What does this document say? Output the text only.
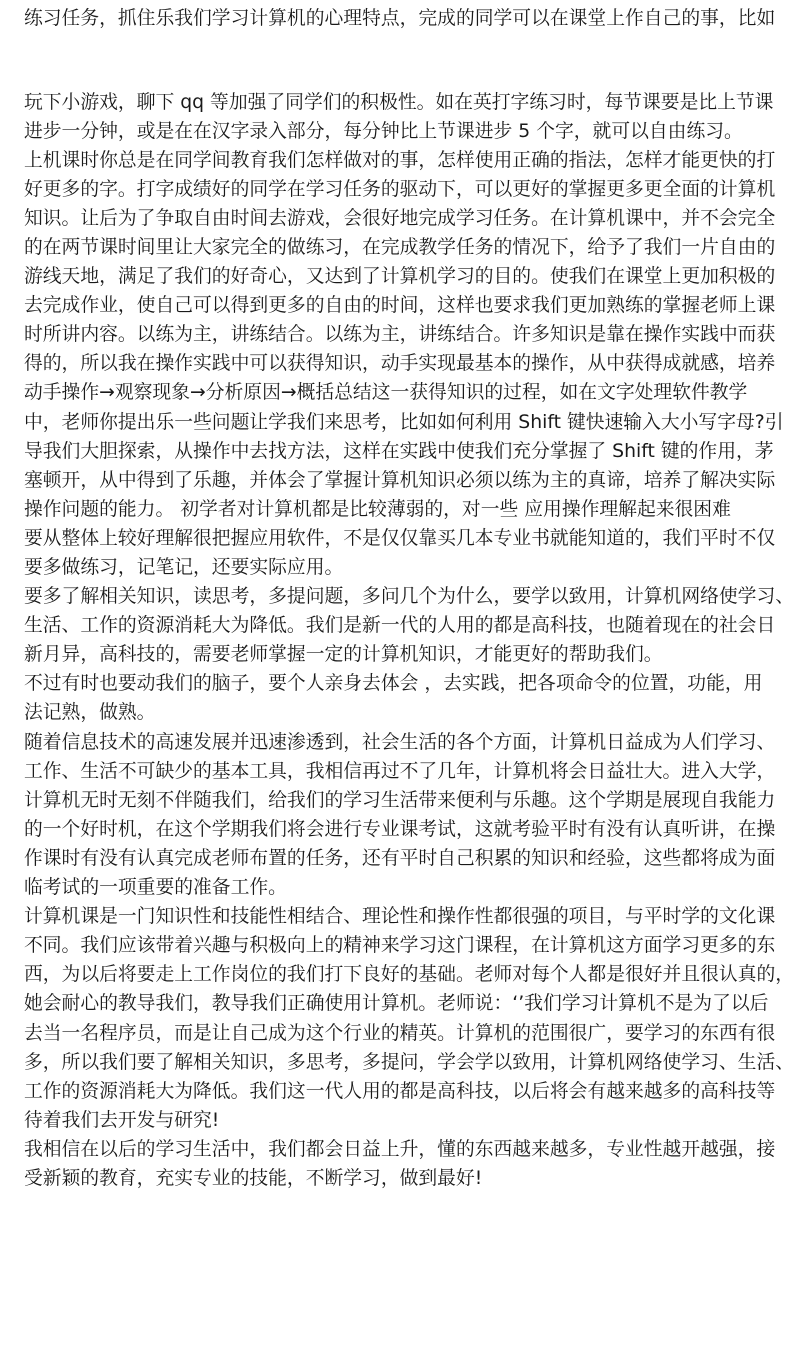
练习任务，抓住乐我们学习计算机的心理特点，完成的同学可以在课堂上作自己的事，比如
玩下小游戏，聊下 qq 等加强了同学们的积极性。如在英打字练习时，每节课要是比上节课
进步一分钟，或是在在汉字录入部分，每分钟比上节课进步 5 个字，就可以自由练习。
上机课时你总是在同学间教育我们怎样做对的事，怎样使用正确的指法，怎样才能更快的打
好更多的字。打字成绩好的同学在学习任务的驱动下，可以更好的掌握更多更全面的计算机
知识。让后为了争取自由时间去游戏，会很好地完成学习任务。在计算机课中，并不会完全
的在两节课时间里让大家完全的做练习，在完成教学任务的情况下，给予了我们一片自由的
游线天地，满足了我们的好奇心，又达到了计算机学习的目的。使我们在课堂上更加积极的
去完成作业，使自己可以得到更多的自由的时间，这样也要求我们更加熟练的掌握老师上课
时所讲内容。以练为主，讲练结合。以练为主，讲练结合。许多知识是靠在操作实践中而获
得的，所以我在操作实践中可以获得知识，动手实现最基本的操作，从中获得成就感，培养
动手操作→观察现象→分析原因→概括总结这一获得知识的过程，如在文字处理软件教学
中，老师你提出乐一些问题让学我们来思考，比如如何利用 Shift 键快速输入大小写字母?引
导我们大胆探索，从操作中去找方法，这样在实践中使我们充分掌握了 Shift 键的作用，茅
塞顿开，从中得到了乐趣，并体会了掌握计算机知识必须以练为主的真谛，培养了解决实际
操作问题的能力。 初学者对计算机都是比较薄弱的，对一些 应用操作理解起来很困难
要从整体上较好理解很把握应用软件，不是仅仅靠买几本专业书就能知道的，我们平时不仅
要多做练习，记笔记，还要实际应用。
要多了解相关知识，读思考，多提问题，多问几个为什么，要学以致用，计算机网络使学习、
生活、工作的资源消耗大为降低。我们是新一代的人用的都是高科技，也随着现在的社会日
新月异，高科技的，需要老师掌握一定的计算机知识，才能更好的帮助我们。
不过有时也要动我们的脑子，要个人亲身去体会 ，去实践，把各项命令的位置，功能，用
法记熟，做熟。
随着信息技术的高速发展并迅速渗透到，社会生活的各个方面，计算机日益成为人们学习、
工作、生活不可缺少的基本工具，我相信再过不了几年，计算机将会日益壮大。进入大学，
计算机无时无刻不伴随我们，给我们的学习生活带来便利与乐趣。这个学期是展现自我能力
的一个好时机，在这个学期我们将会进行专业课考试，这就考验平时有没有认真听讲，在操
作课时有没有认真完成老师布置的任务，还有平时自己积累的知识和经验，这些都将成为面
临考试的一项重要的准备工作。
计算机课是一门知识性和技能性相结合、理论性和操作性都很强的项目，与平时学的文化课
不同。我们应该带着兴趣与积极向上的精神来学习这门课程，在计算机这方面学习更多的东
西，为以后将要走上工作岗位的我们打下良好的基础。老师对每个人都是很好并且很认真的，
她会耐心的教导我们，教导我们正确使用计算机。老师说：‘’我们学习计算机不是为了以后
去当一名程序员，而是让自己成为这个行业的精英。计算机的范围很广，要学习的东西有很
多，所以我们要了解相关知识，多思考，多提问，学会学以致用，计算机网络使学习、生活、
工作的资源消耗大为降低。我们这一代人用的都是高科技，以后将会有越来越多的高科技等
待着我们去开发与研究!
我相信在以后的学习生活中，我们都会日益上升，懂的东西越来越多，专业性越开越强，接
受新颖的教育，充实专业的技能，不断学习，做到最好!
